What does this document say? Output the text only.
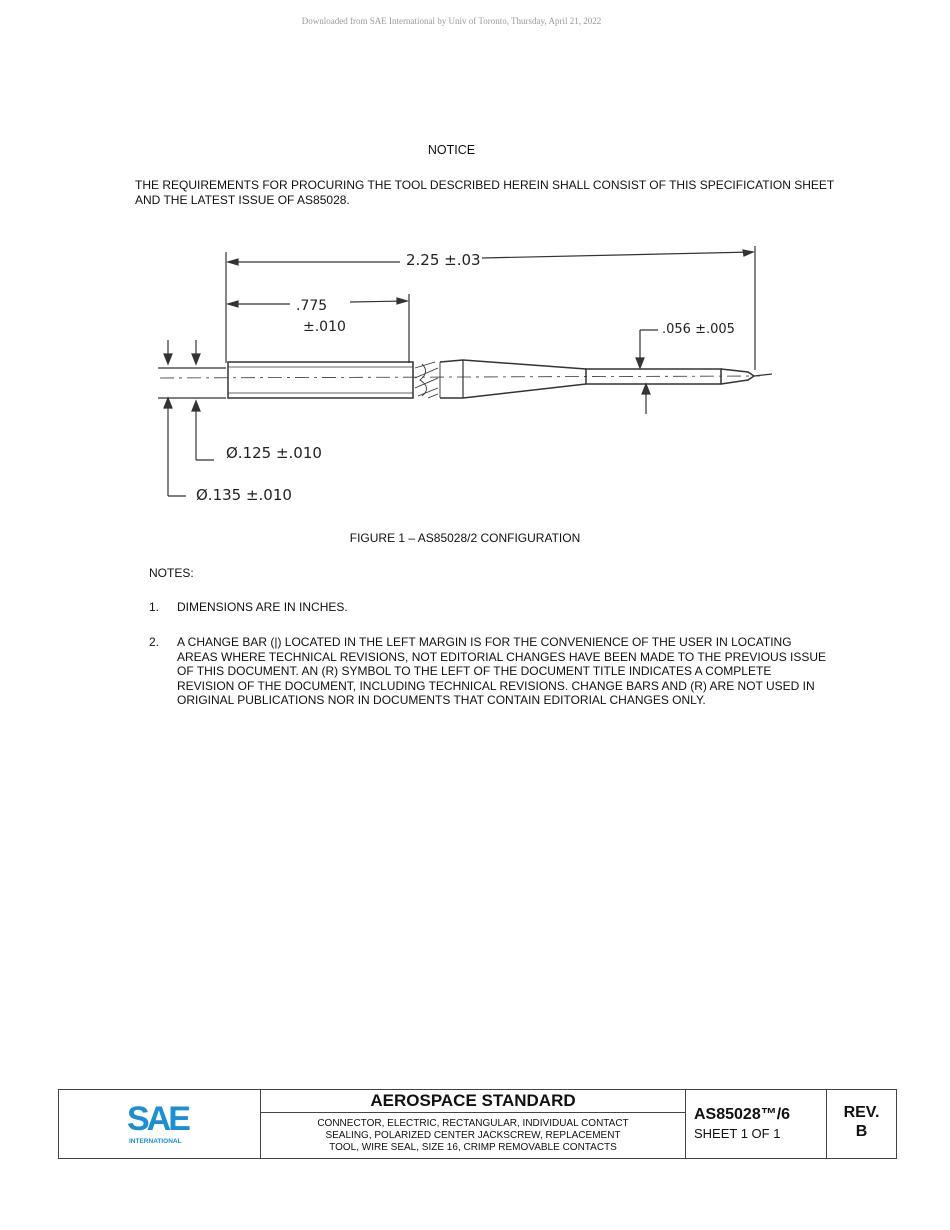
Downloaded from SAE International by Univ of Toronto, Thursday, April 21, 2022
NOTICE
THE REQUIREMENTS FOR PROCURING THE TOOL DESCRIBED HEREIN SHALL CONSIST OF THIS SPECIFICATION SHEET AND THE LATEST ISSUE OF AS85028.
2.25 ±.03
.775
±.010	.056 ±.005
Ø.125 ±.010
Ø.135 ±.010
FIGURE 1 – AS85028/2 CONFIGURATION
NOTES:
1. DIMENSIONS ARE IN INCHES.
2. A CHANGE BAR (|) LOCATED IN THE LEFT MARGIN IS FOR THE CONVENIENCE OF THE USER IN LOCATING AREAS WHERE TECHNICAL REVISIONS, NOT EDITORIAL CHANGES HAVE BEEN MADE TO THE PREVIOUS ISSUE OF THIS DOCUMENT. AN (R) SYMBOL TO THE LEFT OF THE DOCUMENT TITLE INDICATES A COMPLETE REVISION OF THE DOCUMENT, INCLUDING TECHNICAL REVISIONS. CHANGE BARS AND (R) ARE NOT USED IN ORIGINAL PUBLICATIONS NOR IN DOCUMENTS THAT CONTAIN EDITORIAL CHANGES ONLY.
SAE
INTERNATIONAL
AEROSPACE STANDARD
CONNECTOR, ELECTRIC, RECTANGULAR, INDIVIDUAL CONTACT
SEALING, POLARIZED CENTER JACKSCREW, REPLACEMENT
TOOL, WIRE SEAL, SIZE 16, CRIMP REMOVABLE CONTACTS
AS85028™/6
SHEET 1 OF 1
REV.
B
